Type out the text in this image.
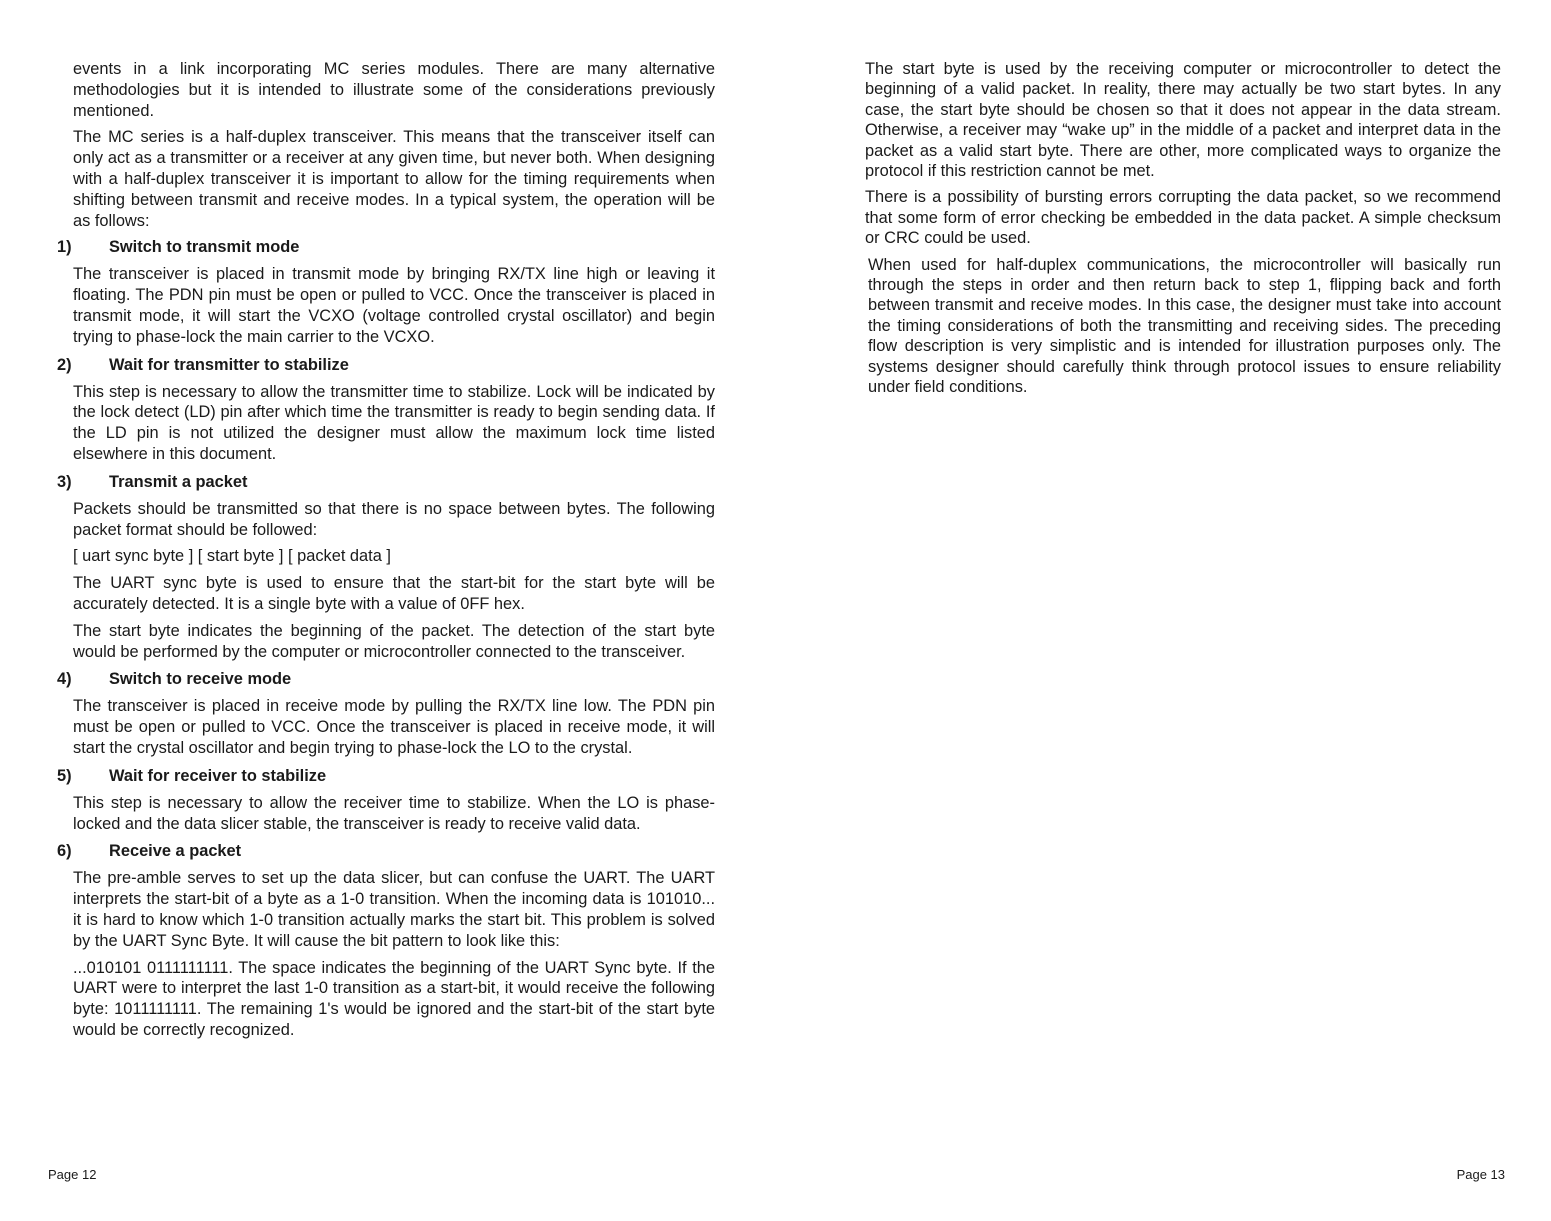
events in a link incorporating MC series modules. There are many alternative methodologies but it is intended to illustrate some of the considerations previously mentioned.

The MC series is a half-duplex transceiver. This means that the transceiver itself can only act as a transmitter or a receiver at any given time, but never both. When designing with a half-duplex transceiver it is important to allow for the timing requirements when shifting between transmit and receive modes. In a typical system, the operation will be as follows:

1)	Switch to transmit mode

The transceiver is placed in transmit mode by bringing RX/TX line high or leaving it floating. The PDN pin must be open or pulled to VCC. Once the transceiver is placed in transmit mode, it will start the VCXO (voltage controlled crystal oscillator) and begin trying to phase-lock the main carrier to the VCXO.

2)	Wait for transmitter to stabilize

This step is necessary to allow the transmitter time to stabilize. Lock will be indicated by the lock detect (LD) pin after which time the transmitter is ready to begin sending data. If the LD pin is not utilized the designer must allow the maximum lock time listed elsewhere in this document.

3)	Transmit a packet

Packets should be transmitted so that there is no space between bytes. The following packet format should be followed:

[ uart sync byte ] [ start byte ] [ packet data ]

The UART sync byte is used to ensure that the start-bit for the start byte will be accurately detected. It is a single byte with a value of 0FF hex.

The start byte indicates the beginning of the packet. The detection of the start byte would be performed by the computer or microcontroller connected to the transceiver.

4)	Switch to receive mode

The transceiver is placed in receive mode by pulling the RX/TX line low. The PDN pin must be open or pulled to VCC. Once the transceiver is placed in receive mode, it will start the crystal oscillator and begin trying to phase-lock the LO to the crystal.

5)	Wait for receiver to stabilize

This step is necessary to allow the receiver time to stabilize. When the LO is phase-locked and the data slicer stable, the transceiver is ready to receive valid data.

6)	Receive a packet

The pre-amble serves to set up the data slicer, but can confuse the UART. The UART interprets the start-bit of a byte as a 1-0 transition. When the incoming data is 101010... it is hard to know which 1-0 transition actually marks the start bit. This problem is solved by the UART Sync Byte. It will cause the bit pattern to look like this:

...010101 0111111111. The space indicates the beginning of the UART Sync byte. If the UART were to interpret the last 1-0 transition as a start-bit, it would receive the following byte: 1011111111. The remaining 1's would be ignored and the start-bit of the start byte would be correctly recognized.

Page 12

The start byte is used by the receiving computer or microcontroller to detect the beginning of a valid packet. In reality, there may actually be two start bytes. In any case, the start byte should be chosen so that it does not appear in the data stream. Otherwise, a receiver may “wake up” in the middle of a packet and interpret data in the packet as a valid start byte. There are other, more complicated ways to organize the protocol if this restriction cannot be met.

There is a possibility of bursting errors corrupting the data packet, so we recommend that some form of error checking be embedded in the data packet. A simple checksum or CRC could be used.

When used for half-duplex communications, the microcontroller will basically run through the steps in order and then return back to step 1, flipping back and forth between transmit and receive modes. In this case, the designer must take into account the timing considerations of both the transmitting and receiving sides. The preceding flow description is very simplistic and is intended for illustration purposes only. The systems designer should carefully think through protocol issues to ensure reliability under field conditions.

Page 13
